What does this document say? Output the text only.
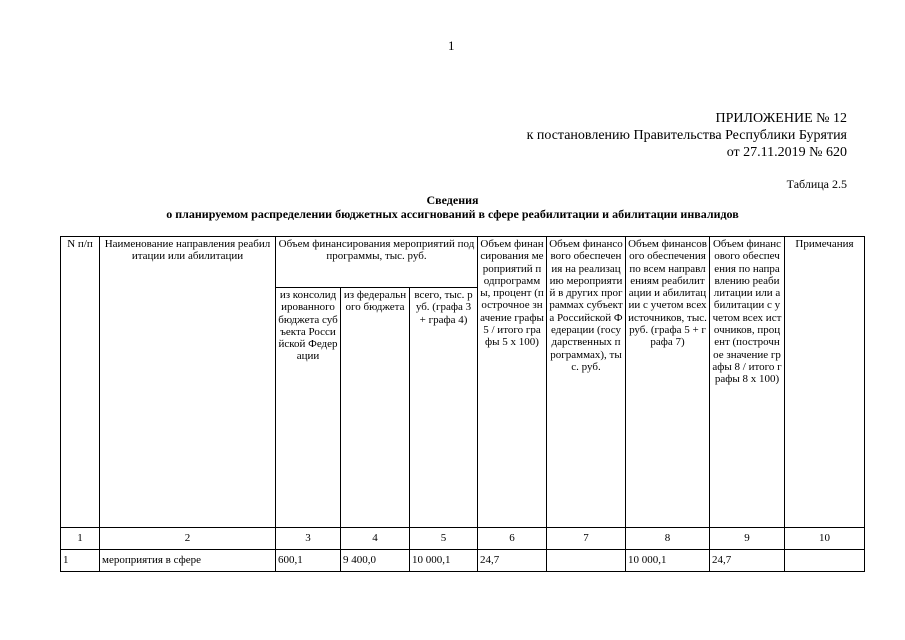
1
ПРИЛОЖЕНИЕ № 12
к постановлению Правительства Республики Бурятия
от 27.11.2019 № 620
Таблица 2.5
Сведения
о планируемом распределении бюджетных ассигнований в сфере реабилитации и абилитации инвалидов
N п/п	Наименование направления реабилитации или абилитации	Объем финансирования мероприятий подпрограммы, тыс. руб.			Объем финансирования мероприятий подпрограммы, процент (построчное значение графы 5 / итого графы 5 x 100)	Объем финансового обеспечения на реализацию мероприятий в других программах субъекта Российской Федерации (государственных программах), тыс. руб.	Объем финансового обеспечения по всем направлениям реабилитации и абилитации с учетом всех источников, тыс. руб. (графа 5 + графа 7)	Объем финансового обеспечения по направлению реабилитации или абилитации с учетом всех источников, процент (построчное значение графы 8 / итого графы 8 x 100)	Примечания
		из консолидированного бюджета субъекта Российской Федерации	из федерального бюджета	всего, тыс. руб. (графа 3 + графа 4)					
1	2	3	4	5	6	7	8	9	10
1	мероприятия в сфере	600,1	9 400,0	10 000,1	24,7		10 000,1	24,7	
